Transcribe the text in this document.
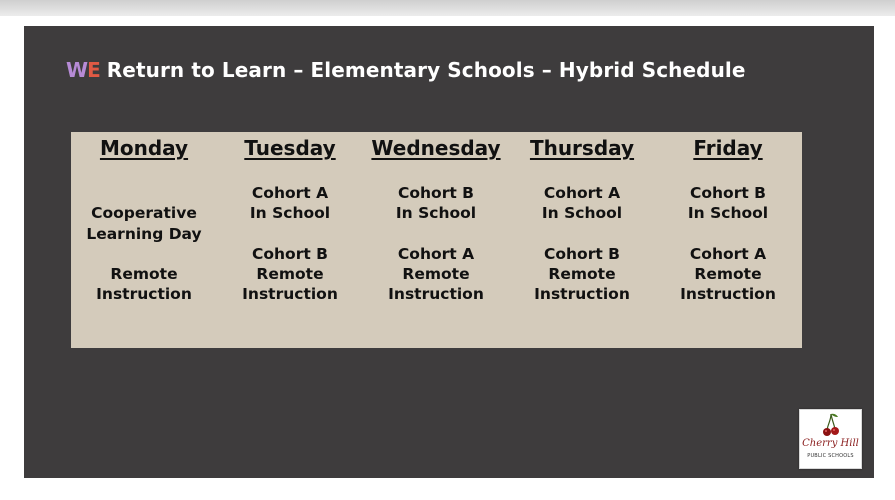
WE Return to Learn – Elementary Schools – Hybrid Schedule
Monday
Cooperative
Learning Day
Remote
Instruction
Tuesday
Cohort A
In School
Cohort B
Remote
Instruction
Wednesday
Cohort B
In School
Cohort A
Remote
Instruction
Thursday
Cohort A
In School
Cohort B
Remote
Instruction
Friday
Cohort B
In School
Cohort A
Remote
Instruction
Cherry Hill
PUBLIC SCHOOLS
